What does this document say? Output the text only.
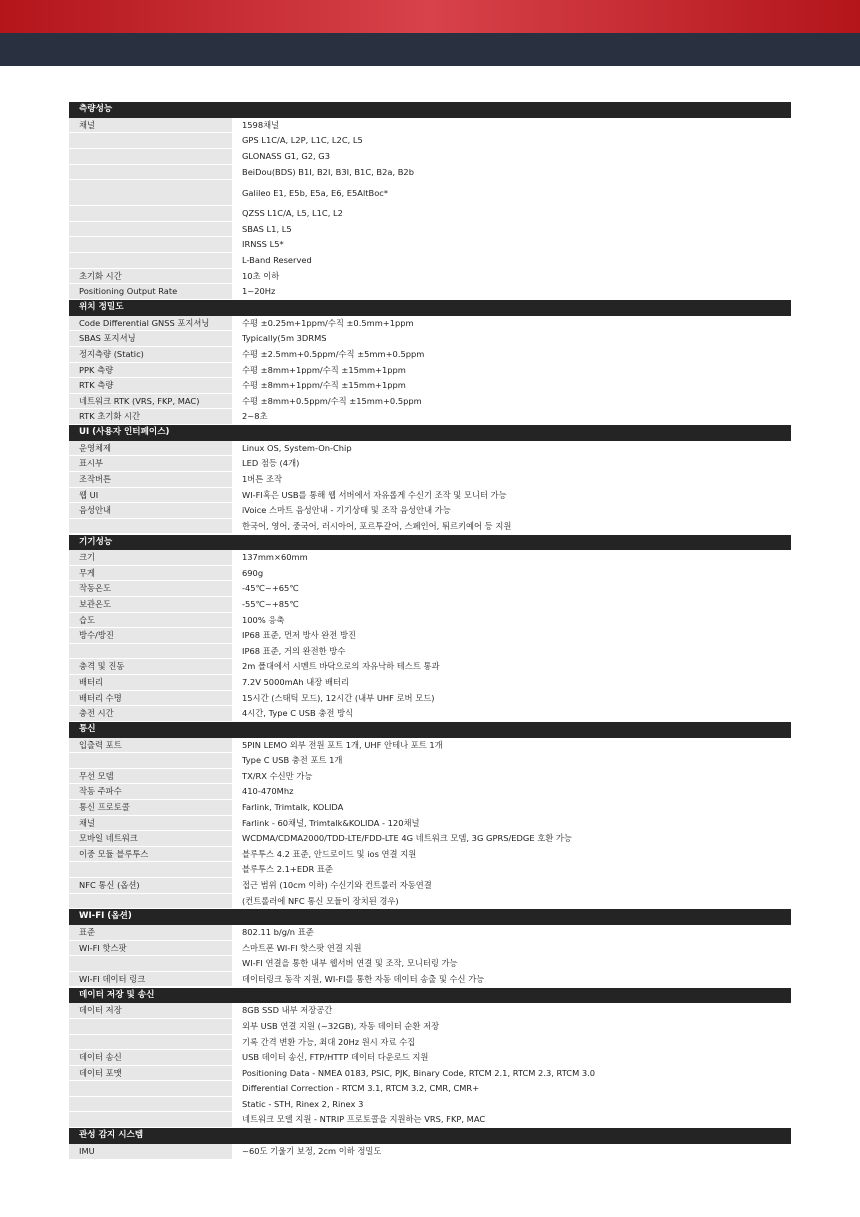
측량성능
채널	1598채널
GPS L1C/A, L2P, L1C, L2C, L5
GLONASS G1, G2, G3
BeiDou(BDS) B1I, B2I, B3I, B1C, B2a, B2b
Galileo E1, E5b, E5a, E6, E5AltBoc*
QZSS L1C/A, L5, L1C, L2
SBAS L1, L5
IRNSS L5*
L-Band Reserved
초기화 시간	10초 이하
Positioning Output Rate	1~20Hz
위치 정밀도
Code Differential GNSS 포지셔닝	수평 ±0.25m+1ppm/수직 ±0.5mm+1ppm
SBAS 포지셔닝	Typically(5m 3DRMS
정지측량 (Static)	수평 ±2.5mm+0.5ppm/수직 ±5mm+0.5ppm
PPK 측량	수평 ±8mm+1ppm/수직 ±15mm+1ppm
RTK 측량	수평 ±8mm+1ppm/수직 ±15mm+1ppm
네트워크 RTK (VRS, FKP, MAC)	수평 ±8mm+0.5ppm/수직 ±15mm+0.5ppm
RTK 초기화 시간	2~8초
UI (사용자 인터페이스)
운영체제	Linux OS, System-On-Chip
표시부	LED 점등 (4개)
조작버튼	1버튼 조작
웹 UI	WI-FI혹은 USB를 통해 웹 서버에서 자유롭게 수신기 조작 및 모니터 가능
음성안내	iVoice 스마트 음성안내 - 기기상태 및 조작 음성안내 가능
한국어, 영어, 중국어, 러시아어, 포르투갈어, 스페인어, 튀르키예어 등 지원
기기성능
크기	137mm×60mm
무게	690g
작동온도	-45℃~+65℃
보관온도	-55℃~+85℃
습도	100% 응축
방수/방진	IP68 표준, 먼저 방사 완전 방진
IP68 표준, 거의 완전한 방수
충격 및 진동	2m 폴대에서 시멘트 바닥으로의 자유낙하 테스트 통과
배터리	7.2V 5000mAh 내장 배터리
배터리 수명	15시간 (스태틱 모드), 12시간 (내부 UHF 로버 모드)
충전 시간	4시간, Type C USB 충전 방식
통신
입출력 포트	5PIN LEMO 외부 전원 포트 1개, UHF 안테나 포트 1개
Type C USB 충전 포트 1개
무선 모뎀	TX/RX 수신만 가능
작동 주파수	410-470Mhz
통신 프로토콜	Farlink, Trimtalk, KOLIDA
채널	Farlink - 60채널, Trimtalk&KOLIDA - 120채널
모바일 네트워크	WCDMA/CDMA2000/TDD-LTE/FDD-LTE 4G 네트워크 모뎀, 3G GPRS/EDGE 호환 가능
이중 모듈 블루투스	블루투스 4.2 표준, 안드로이드 및 ios 연결 지원
블루투스 2.1+EDR 표준
NFC 통신 (옵션)	접근 범위 (10cm 이하) 수신기와 컨트롤러 자동연결
(컨트롤러에 NFC 통신 모듈이 장치된 경우)
WI-FI (옵션)
표준	802.11 b/g/n 표준
WI-FI 핫스팟	스마트폰 WI-FI 핫스팟 연결 지원
WI-FI 연결을 통한 내부 웹서버 연결 및 조작, 모니터링 가능
WI-FI 데이터 링크	데이터링크 동작 지원, WI-FI를 통한 자동 데이터 송출 및 수신 가능
데이터 저장 및 송신
데이터 저장	8GB SSD 내부 저장공간
외부 USB 연결 지원 (~32GB), 자동 데이터 순환 저장
기록 간격 변환 가능, 최대 20Hz 원시 자료 수집
데이터 송신	USB 데이터 송신, FTP/HTTP 데이터 다운로드 지원
데이터 포맷	Positioning Data - NMEA 0183, PSIC, PJK, Binary Code, RTCM 2.1, RTCM 2.3, RTCM 3.0
Differential Correction - RTCM 3.1, RTCM 3.2, CMR, CMR+
Static - STH, Rinex 2, Rinex 3
네트워크 모델 지원 - NTRIP 프로토콜을 지원하는 VRS, FKP, MAC
관성 감지 시스템
IMU	~60도 기울기 보정, 2cm 이하 정밀도
